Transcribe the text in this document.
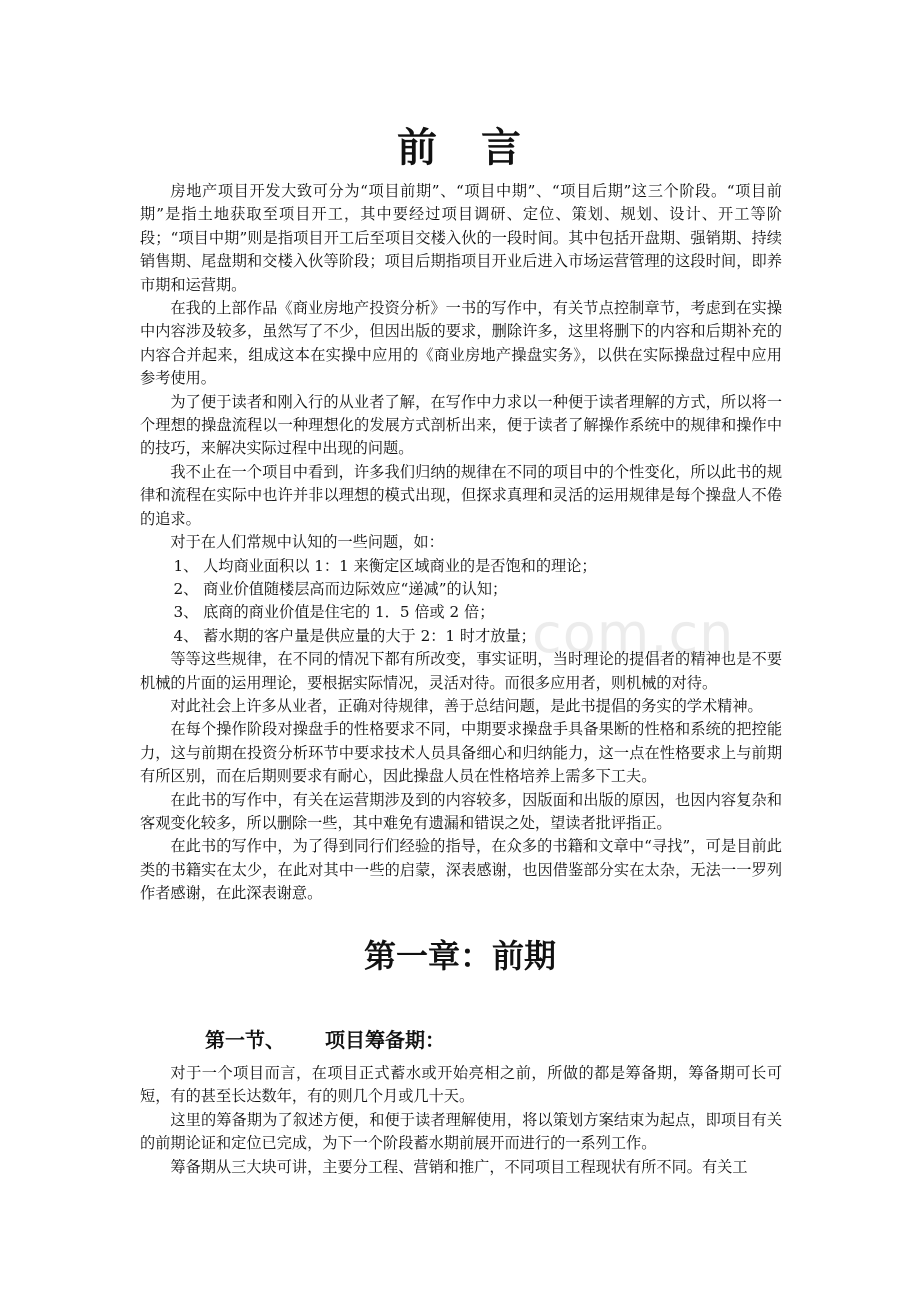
前　言

房地产项目开发大致可分为“项目前期”、“项目中期”、“项目后期”这三个阶段。“项目前期”是指土地获取至项目开工，其中要经过项目调研、定位、策划、规划、设计、开工等阶段；“项目中期”则是指项目开工后至项目交楼入伙的一段时间。其中包括开盘期、强销期、持续销售期、尾盘期和交楼入伙等阶段；项目后期指项目开业后进入市场运营管理的这段时间，即养市期和运营期。

在我的上部作品《商业房地产投资分析》一书的写作中，有关节点控制章节，考虑到在实操中内容涉及较多，虽然写了不少，但因出版的要求，删除许多，这里将删下的内容和后期补充的内容合并起来，组成这本在实操中应用的《商业房地产操盘实务》，以供在实际操盘过程中应用参考使用。

为了便于读者和刚入行的从业者了解，在写作中力求以一种便于读者理解的方式，所以将一个理想的操盘流程以一种理想化的发展方式剖析出来，便于读者了解操作系统中的规律和操作中的技巧，来解决实际过程中出现的问题。

我不止在一个项目中看到，许多我们归纳的规律在不同的项目中的个性变化，所以此书的规律和流程在实际中也许并非以理想的模式出现，但探求真理和灵活的运用规律是每个操盘人不倦的追求。

对于在人们常规中认知的一些问题，如：

1、 人均商业面积以 1：1 来衡定区域商业的是否饱和的理论；

2、 商业价值随楼层高而边际效应“递减”的认知；

3、 底商的商业价值是住宅的 1．5 倍或 2 倍；

4、 蓄水期的客户量是供应量的大于 2：1 时才放量；

等等这些规律，在不同的情况下都有所改变，事实证明，当时理论的提倡者的精神也是不要机械的片面的运用理论，要根据实际情况，灵活对待。而很多应用者，则机械的对待。

对此社会上许多从业者，正确对待规律，善于总结问题，是此书提倡的务实的学术精神。

在每个操作阶段对操盘手的性格要求不同，中期要求操盘手具备果断的性格和系统的把控能力，这与前期在投资分析环节中要求技术人员具备细心和归纳能力，这一点在性格要求上与前期有所区别，而在后期则要求有耐心，因此操盘人员在性格培养上需多下工夫。

在此书的写作中，有关在运营期涉及到的内容较多，因版面和出版的原因，也因内容复杂和客观变化较多，所以删除一些，其中难免有遗漏和错误之处，望读者批评指正。

在此书的写作中，为了得到同行们经验的指导，在众多的书籍和文章中“寻找”，可是目前此类的书籍实在太少，在此对其中一些的启蒙，深表感谢，也因借鉴部分实在太杂，无法一一罗列作者感谢，在此深表谢意。

com.cn
第一章：前期
第一节、 项目筹备期：

对于一个项目而言，在项目正式蓄水或开始亮相之前，所做的都是筹备期，筹备期可长可短，有的甚至长达数年，有的则几个月或几十天。

这里的筹备期为了叙述方便，和便于读者理解使用，将以策划方案结束为起点，即项目有关的前期论证和定位已完成，为下一个阶段蓄水期前展开而进行的一系列工作。

筹备期从三大块可讲，主要分工程、营销和推广，不同项目工程现状有所不同。有关工
